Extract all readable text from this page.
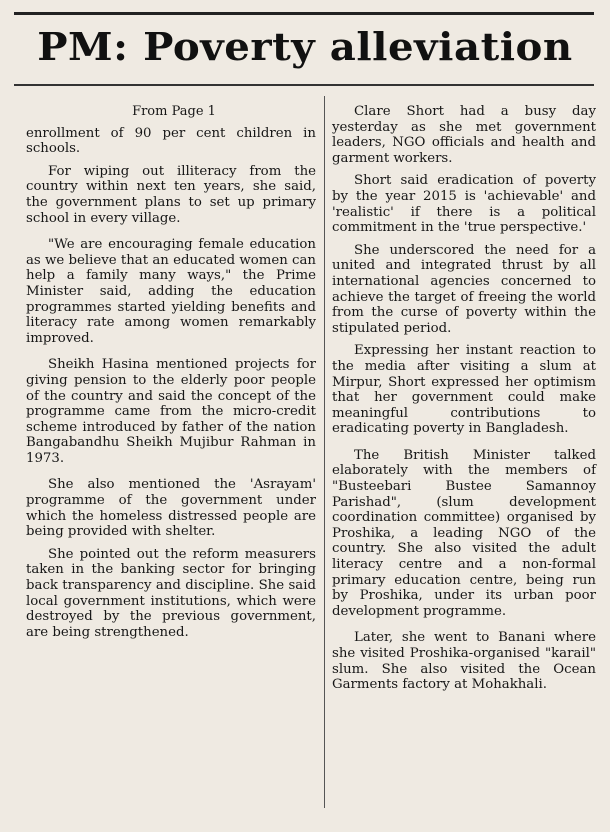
PM: Poverty alleviation
From Page 1

enrollment of 90 per cent children in schools.

For wiping out illiteracy from the country within next ten years, she said, the government plans to set up primary school in every village.

"We are encouraging female education as we believe that an educated women can help a family many ways," the Prime Minister said, adding the education programmes started yielding benefits and literacy rate among women remarkably improved.

Sheikh Hasina mentioned projects for giving pension to the elderly poor people of the country and said the concept of the programme came from the micro-credit scheme introduced by father of the nation Bangabandhu Sheikh Mujibur Rahman in 1973.

She also mentioned the 'Asrayam' programme of the government under which the homeless distressed people are being provided with shelter.

She pointed out the reform measurers taken in the banking sector for bringing back transparency and discipline. She said local government institutions, which were destroyed by the previous government, are being strengthened.

Clare Short had a busy day yesterday as she met government leaders, NGO officials and health and garment workers.

Short said eradication of poverty by the year 2015 is 'achievable' and 'realistic' if there is a political commitment in the 'true perspective.'

She underscored the need for a united and integrated thrust by all international agencies concerned to achieve the target of freeing the world from the curse of poverty within the stipulated period.

Expressing her instant reaction to the media after visiting a slum at Mirpur, Short expressed her optimism that her government could make meaningful contributions to eradicating poverty in Bangladesh.

The British Minister talked elaborately with the members of "Busteebari Bustee Samannoy Parishad", (slum development coordination committee) organised by Proshika, a leading NGO of the country. She also visited the adult literacy centre and a non-formal primary education centre, being run by Proshika, under its urban poor development programme.

Later, she went to Banani where she visited Proshika-organised "karail" slum. She also visited the Ocean Garments factory at Mohakhali.
